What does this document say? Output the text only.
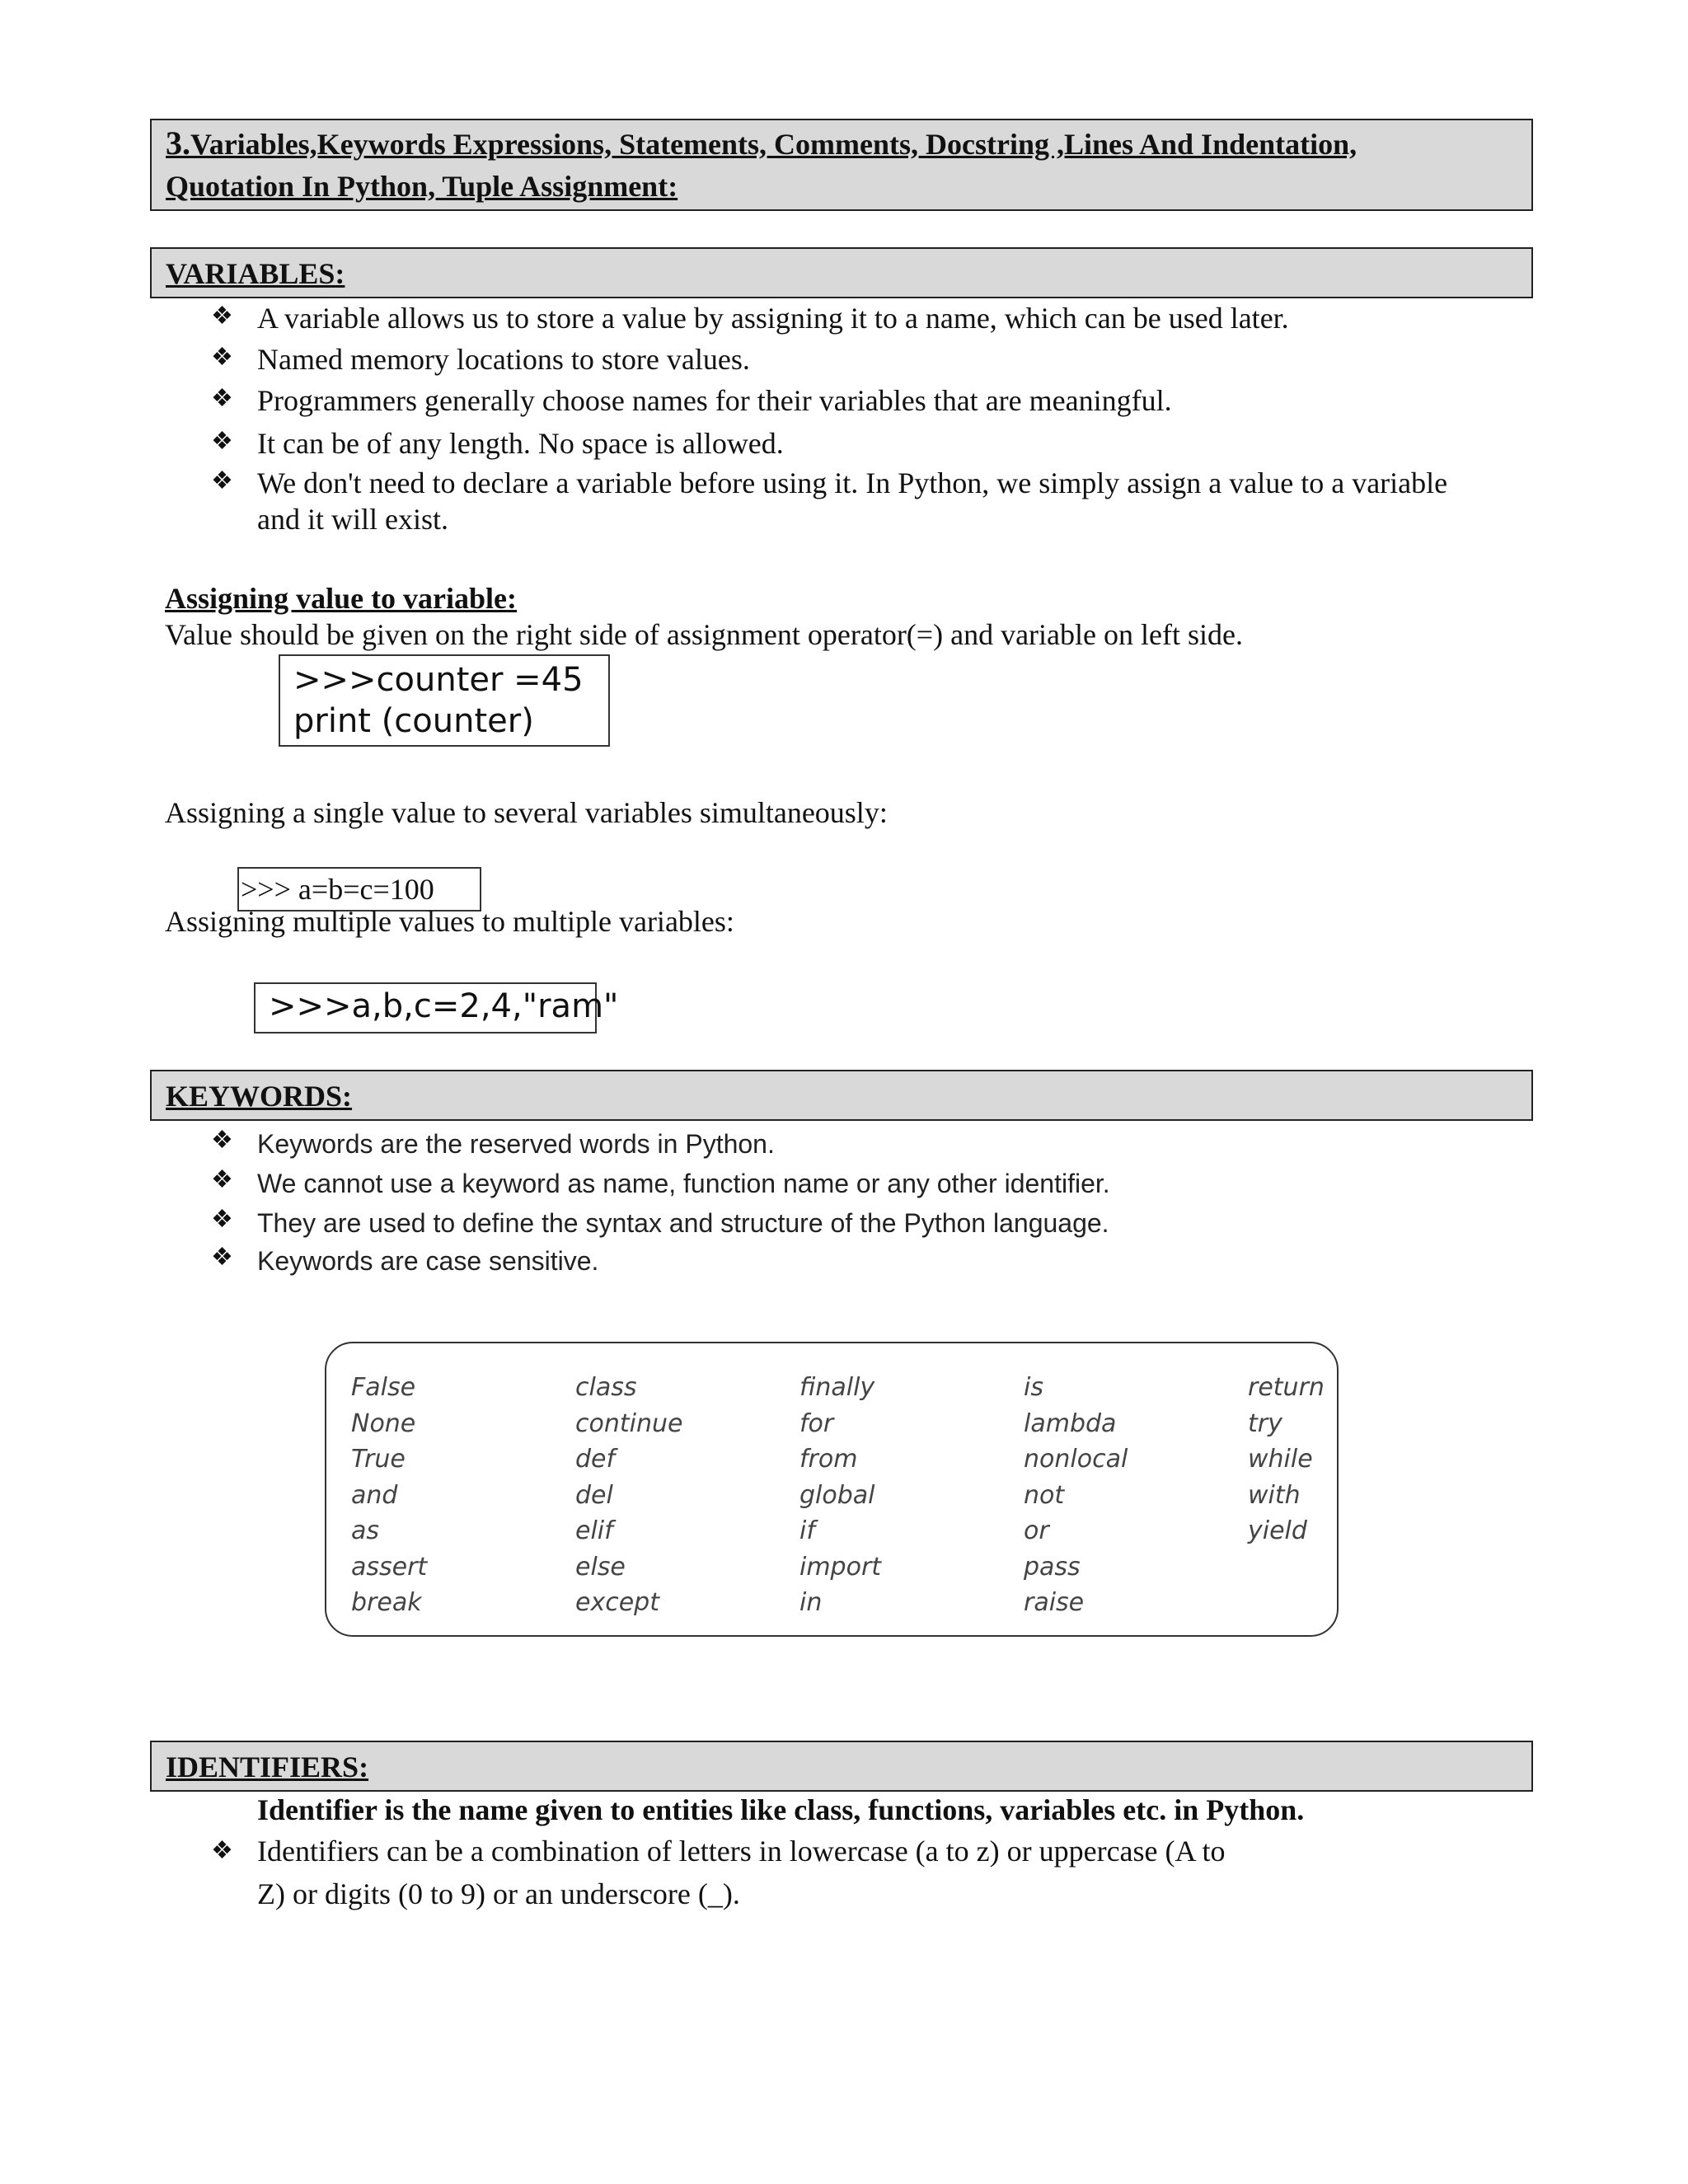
3.Variables,Keywords Expressions, Statements, Comments, Docstring ,Lines And Indentation,
Quotation In Python, Tuple Assignment:
VARIABLES:
❖ A variable allows us to store a value by assigning it to a name, which can be used later.
❖ Named memory locations to store values.
❖ Programmers generally choose names for their variables that are meaningful.
❖ It can be of any length. No space is allowed.
❖ We don't need to declare a variable before using it. In Python, we simply assign a value to a variable
and it will exist.
Assigning value to variable:
Value should be given on the right side of assignment operator(=) and variable on left side.
>>>counter =45
print (counter)
Assigning a single value to several variables simultaneously:
>>> a=b=c=100
Assigning multiple values to multiple variables:
>>>a,b,c=2,4,"ram"
KEYWORDS:
❖ Keywords are the reserved words in Python.
❖ We cannot use a keyword as name, function name or any other identifier.
❖ They are used to define the syntax and structure of the Python language.
❖ Keywords are case sensitive.
False
None
True
and
as
assert
break
class
continue
def
del
elif
else
except
finally
for
from
global
if
import
in
is
lambda
nonlocal
not
or
pass
raise
return
try
while
with
yield
IDENTIFIERS:
Identifier is the name given to entities like class, functions, variables etc. in Python.
❖ Identifiers can be a combination of letters in lowercase (a to z) or uppercase (A to
Z) or digits (0 to 9) or an underscore (_).
